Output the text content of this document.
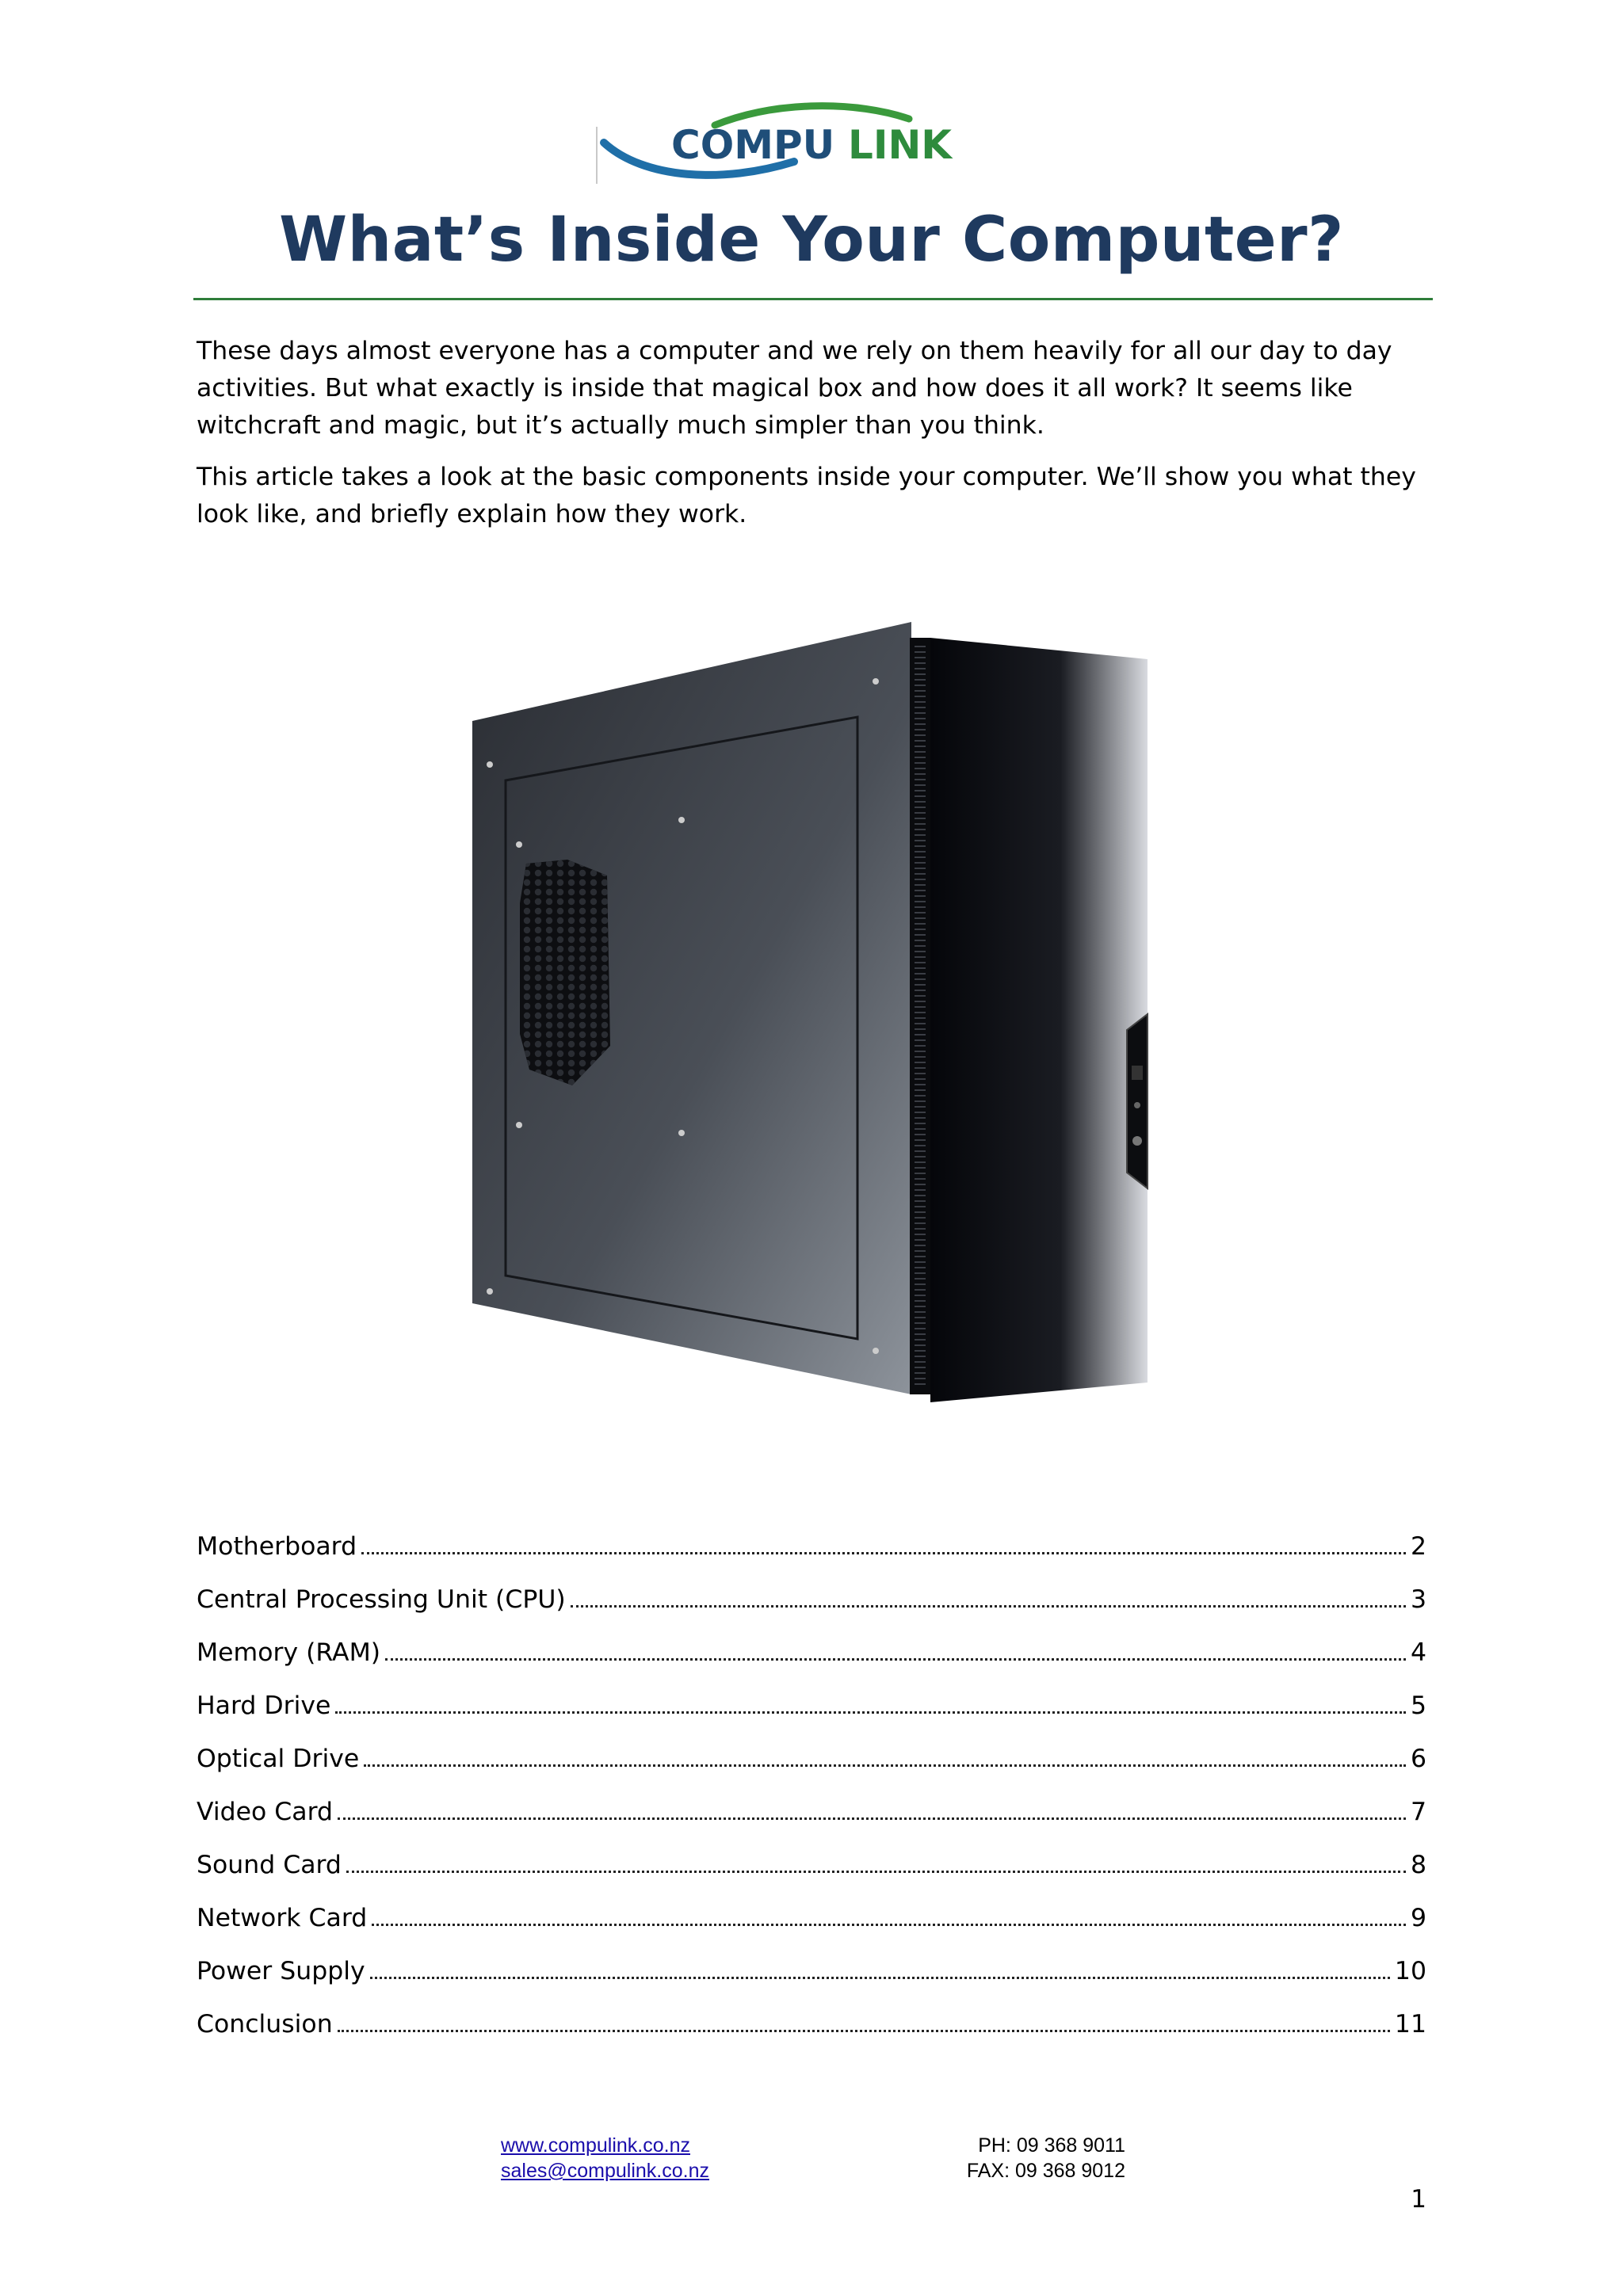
COMPU LINK
What’s Inside Your Computer?

These days almost everyone has a computer and we rely on them heavily for all our day to day activities. But what exactly is inside that magical box and how does it all work? It seems like witchcraft and magic, but it’s actually much simpler than you think.

This article takes a look at the basic components inside your computer. We’ll show you what they look like, and briefly explain how they work.

Motherboard	2
Central Processing Unit (CPU)	3
Memory (RAM)	4
Hard Drive	5
Optical Drive	6
Video Card	7
Sound Card	8
Network Card	9
Power Supply	10
Conclusion	11
www.compulink.co.nz
sales@compulink.co.nz
PH: 09 368 9011
FAX: 09 368 9012
1
